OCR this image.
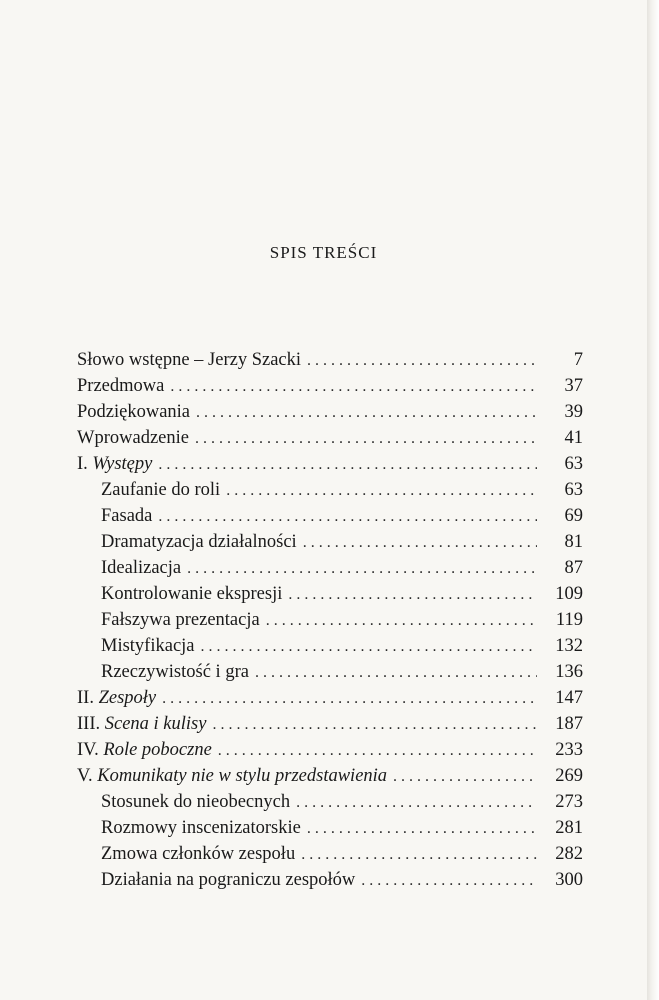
SPIS TREŚCI
Słowo wstępne – Jerzy Szacki . . .	7
Przedmowa . . .	37
Podziękowania . . .	39
Wprowadzenie . . .	41
I. Występy . . .	63
Zaufanie do roli . . .	63
Fasada . . .	69
Dramatyzacja działalności . . .	81
Idealizacja . . .	87
Kontrolowanie ekspresji . . .	109
Fałszywa prezentacja . . .	119
Mistyfikacja . . .	132
Rzeczywistość i gra . . .	136
II. Zespoły . . .	147
III. Scena i kulisy . . .	187
IV. Role poboczne . . .	233
V. Komunikaty nie w stylu przedstawienia . . .	269
Stosunek do nieobecnych . . .	273
Rozmowy inscenizatorskie . . .	281
Zmowa członków zespołu . . .	282
Działania na pograniczu zespołów . . .	300
